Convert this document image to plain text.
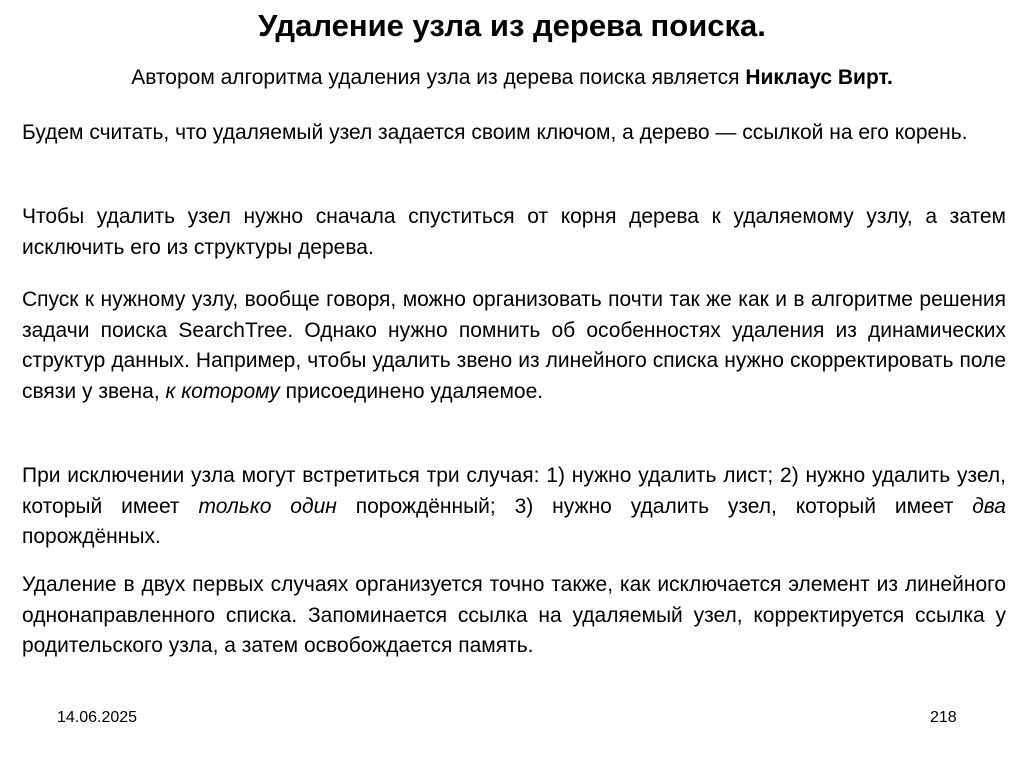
Удаление узла из дерева поиска.
Автором алгоритма удаления узла из дерева поиска является Никлаус Вирт.

Будем считать, что удаляемый узел задается своим ключом, а дерево — ссылкой на его корень.

Чтобы удалить узел нужно сначала спуститься от корня дерева к удаляемому узлу, а затем исключить его из структуры дерева.

Спуск к нужному узлу, вообще говоря, можно организовать почти так же как и в алгоритме решения задачи поиска SearchTree. Однако нужно помнить об особенностях удаления из динамических структур данных. Например, чтобы удалить звено из линейного списка нужно скорректировать поле связи у звена, к которому присоединено удаляемое.

При исключении узла могут встретиться три случая: 1) нужно удалить лист; 2) нужно удалить узел, который имеет только один порождённый; 3) нужно удалить узел, который имеет два порождённых.

Удаление в двух первых случаях организуется точно также, как исключается элемент из линейного однонаправленного списка. Запоминается ссылка на удаляемый узел, корректируется ссылка у родительского узла, а затем освобождается память.

14.06.2025	218
